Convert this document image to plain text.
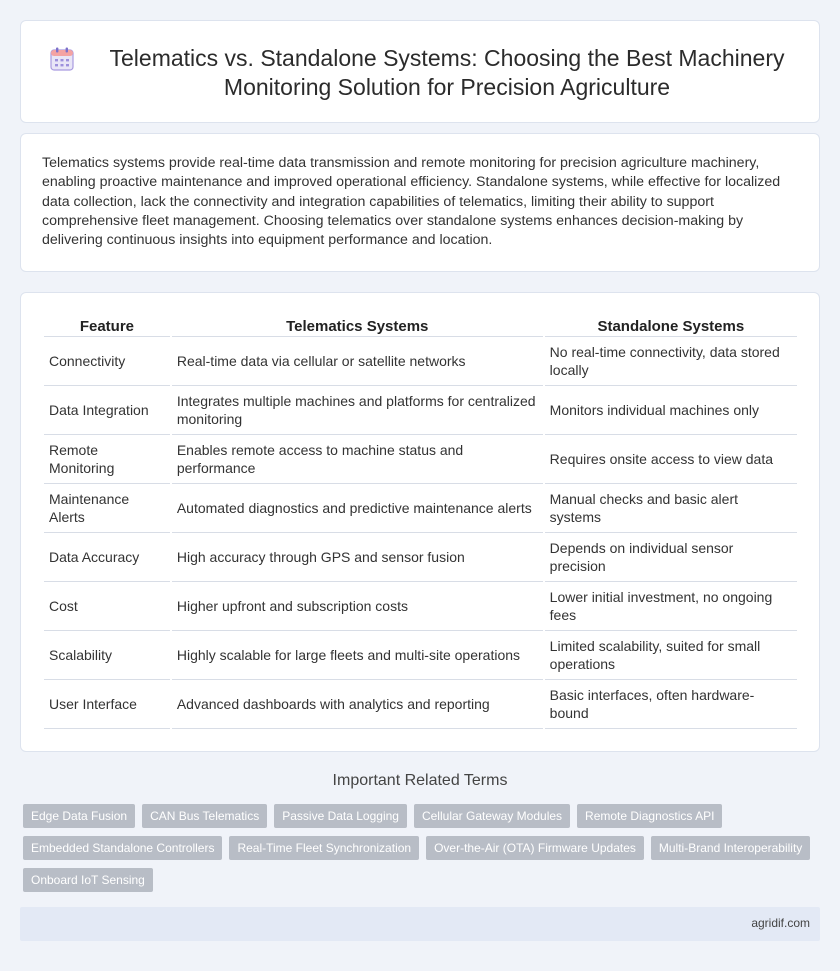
Telematics vs. Standalone Systems: Choosing the Best Machinery Monitoring Solution for Precision Agriculture

Telematics systems provide real-time data transmission and remote monitoring for precision agriculture machinery, enabling proactive maintenance and improved operational efficiency. Standalone systems, while effective for localized data collection, lack the connectivity and integration capabilities of telematics, limiting their ability to support comprehensive fleet management. Choosing telematics over standalone systems enhances decision-making by delivering continuous insights into equipment performance and location.

Feature	Telematics Systems	Standalone Systems
Connectivity	Real-time data via cellular or satellite networks	No real-time connectivity, data stored locally
Data Integration	Integrates multiple machines and platforms for centralized monitoring	Monitors individual machines only
Remote Monitoring	Enables remote access to machine status and performance	Requires onsite access to view data
Maintenance Alerts	Automated diagnostics and predictive maintenance alerts	Manual checks and basic alert systems
Data Accuracy	High accuracy through GPS and sensor fusion	Depends on individual sensor precision
Cost	Higher upfront and subscription costs	Lower initial investment, no ongoing fees
Scalability	Highly scalable for large fleets and multi-site operations	Limited scalability, suited for small operations
User Interface	Advanced dashboards with analytics and reporting	Basic interfaces, often hardware-bound
Important Related Terms
Edge Data Fusion	CAN Bus Telematics	Passive Data Logging	Cellular Gateway Modules	Remote Diagnostics API
Embedded Standalone Controllers	Real-Time Fleet Synchronization	Over-the-Air (OTA) Firmware Updates	Multi-Brand Interoperability
Onboard IoT Sensing
agridif.com
